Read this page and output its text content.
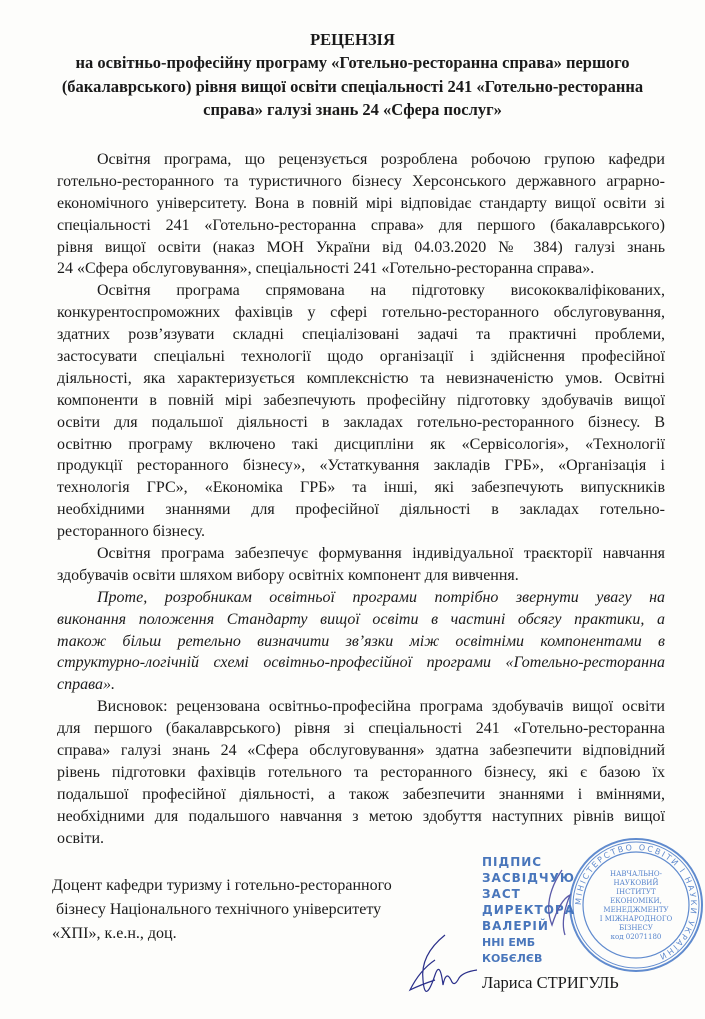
РЕЦЕНЗІЯ
на освітньо-професійну програму «Готельно-ресторанна справа» першого
(бакалаврського) рівня вищої освіти спеціальності 241 «Готельно-ресторанна
справа» галузі знань 24 «Сфера послуг»
Освітня програма, що рецензується розроблена робочою групою кафедри
готельно-ресторанного та туристичного бізнесу Херсонського державного аграрно-
економічного університету. Вона в повній мірі відповідає стандарту вищої освіти зі
спеціальності 241 «Готельно-ресторанна справа» для першого (бакалаврського)
рівня вищої освіти (наказ МОН України від 04.03.2020 № 384) галузі знань
24 «Сфера обслуговування», спеціальності 241 «Готельно-ресторанна справа».
Освітня програма спрямована на підготовку висококваліфікованих,
конкурентоспроможних фахівців у сфері готельно-ресторанного обслуговування,
здатних розв’язувати складні спеціалізовані задачі та практичні проблеми,
застосувати спеціальні технології щодо організації і здійснення професійної
діяльності, яка характеризується комплексністю та невизначеністю умов. Освітні
компоненти в повній мірі забезпечують професійну підготовку здобувачів вищої
освіти для подальшої діяльності в закладах готельно-ресторанного бізнесу. В
освітню програму включено такі дисципліни як «Сервісологія», «Технології
продукції ресторанного бізнесу», «Устаткування закладів ГРБ», «Організація і
технологія ГРС», «Економіка ГРБ» та інші, які забезпечують випускників
необхідними знаннями для професійної діяльності в закладах готельно-
ресторанного бізнесу.
Освітня програма забезпечує формування індивідуальної траєкторії навчання
здобувачів освіти шляхом вибору освітніх компонент для вивчення.
Проте, розробникам освітньої програми потрібно звернути увагу на
виконання положення Стандарту вищої освіти в частині обсягу практики, а
також більш ретельно визначити зв’язки між освітніми компонентами в
структурно-логічній схемі освітньо-професійної програми «Готельно-ресторанна
справа».
Висновок: рецензована освітньо-професійна програма здобувачів вищої освіти
для першого (бакалаврського) рівня зі спеціальності 241 «Готельно-ресторанна
справа» галузі знань 24 «Сфера обслуговування» здатна забезпечити відповідний
рівень підготовки фахівців готельного та ресторанного бізнесу, які є базою їх
подальшої професійної діяльності, а також забезпечити знаннями і вміннями,
необхідними для подальшого навчання з метою здобуття наступних рівнів вищої
освіти.
Доцент кафедри туризму і готельно-ресторанного
бізнесу Національного технічного університету
«ХПІ», к.е.н., доц.
ПІДПИС
ЗАСВІДЧУЮ
ЗАСТ
ДИРЕКТОРА
ВАЛЕРІЙ
ННІ ЕМБ
КОБЄЛЄВ
МІНІСТЕРСТВО ОСВІТИ І НАУКИ УКРАЇНИ
НАВЧАЛЬНО-
НАУКОВИЙ
ІНСТИТУТ
ЕКОНОМІКИ,
МЕНЕДЖМЕНТУ
І МІЖНАРОДНОГО
БІЗНЕСУ
код 02071180
Лариса СТРИГУЛЬ
